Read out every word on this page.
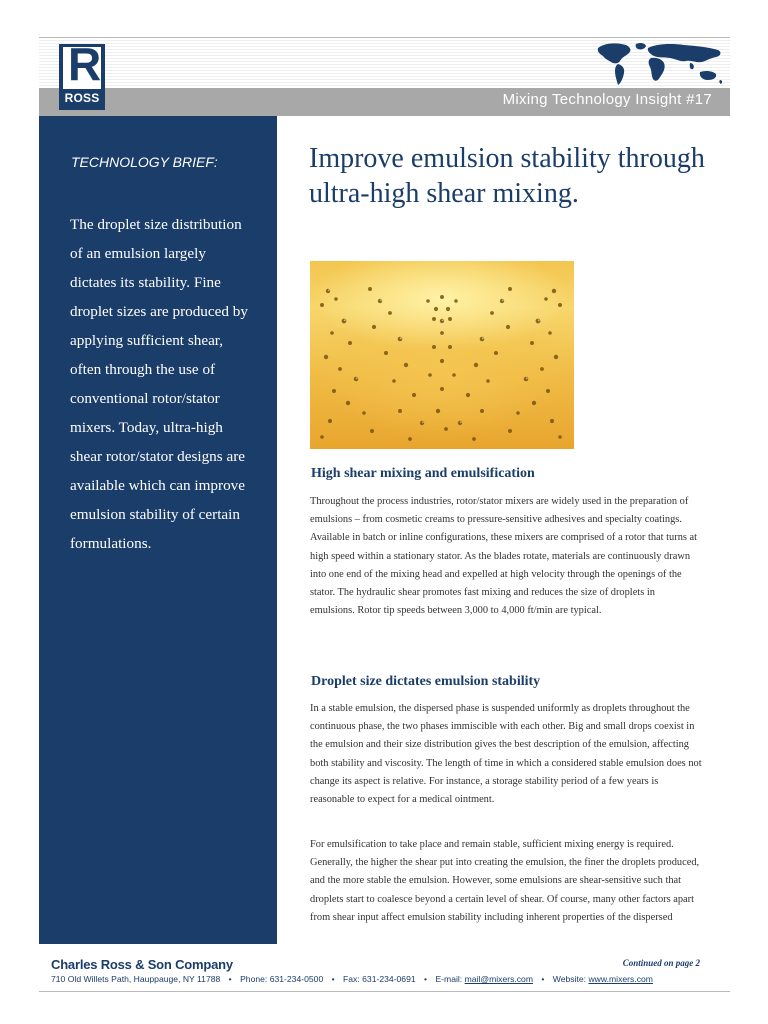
Mixing Technology Insight #17
R
ROSS
TECHNOLOGY BRIEF:
The droplet size distribution of an emulsion largely dictates its stability. Fine droplet sizes are produced by applying sufficient shear, often through the use of conventional rotor/stator mixers. Today, ultra-high shear rotor/stator designs are available which can improve emulsion stability of certain formulations.
Improve emulsion stability through ultra-high shear mixing.
High shear mixing and emulsification

Throughout the process industries, rotor/stator mixers are widely used in the preparation of emulsions – from cosmetic creams to pressure-sensitive adhesives and specialty coatings. Available in batch or inline configurations, these mixers are comprised of a rotor that turns at high speed within a stationary stator. As the blades rotate, materials are continuously drawn into one end of the mixing head and expelled at high velocity through the openings of the stator. The hydraulic shear promotes fast mixing and reduces the size of droplets in emulsions. Rotor tip speeds between 3,000 to 4,000 ft/min are typical.

Droplet size dictates emulsion stability

In a stable emulsion, the dispersed phase is suspended uniformly as droplets throughout the continuous phase, the two phases immiscible with each other. Big and small drops coexist in the emulsion and their size distribution gives the best description of the emulsion, affecting both stability and viscosity. The length of time in which a considered stable emulsion does not change its aspect is relative. For instance, a storage stability period of a few years is reasonable to expect for a medical ointment.

For emulsification to take place and remain stable, sufficient mixing energy is required. Generally, the higher the shear put into creating the emulsion, the finer the droplets produced, and the more stable the emulsion. However, some emulsions are shear-sensitive such that droplets start to coalesce beyond a certain level of shear. Of course, many other factors apart from shear input affect emulsion stability including inherent properties of the dispersed

Charles Ross & Son Company	Continued on page 2
710 Old Willets Path, Hauppauge, NY 11788 • Phone: 631-234-0500 • Fax: 631-234-0691 • E-mail: mail@mixers.com • Website: www.mixers.com
